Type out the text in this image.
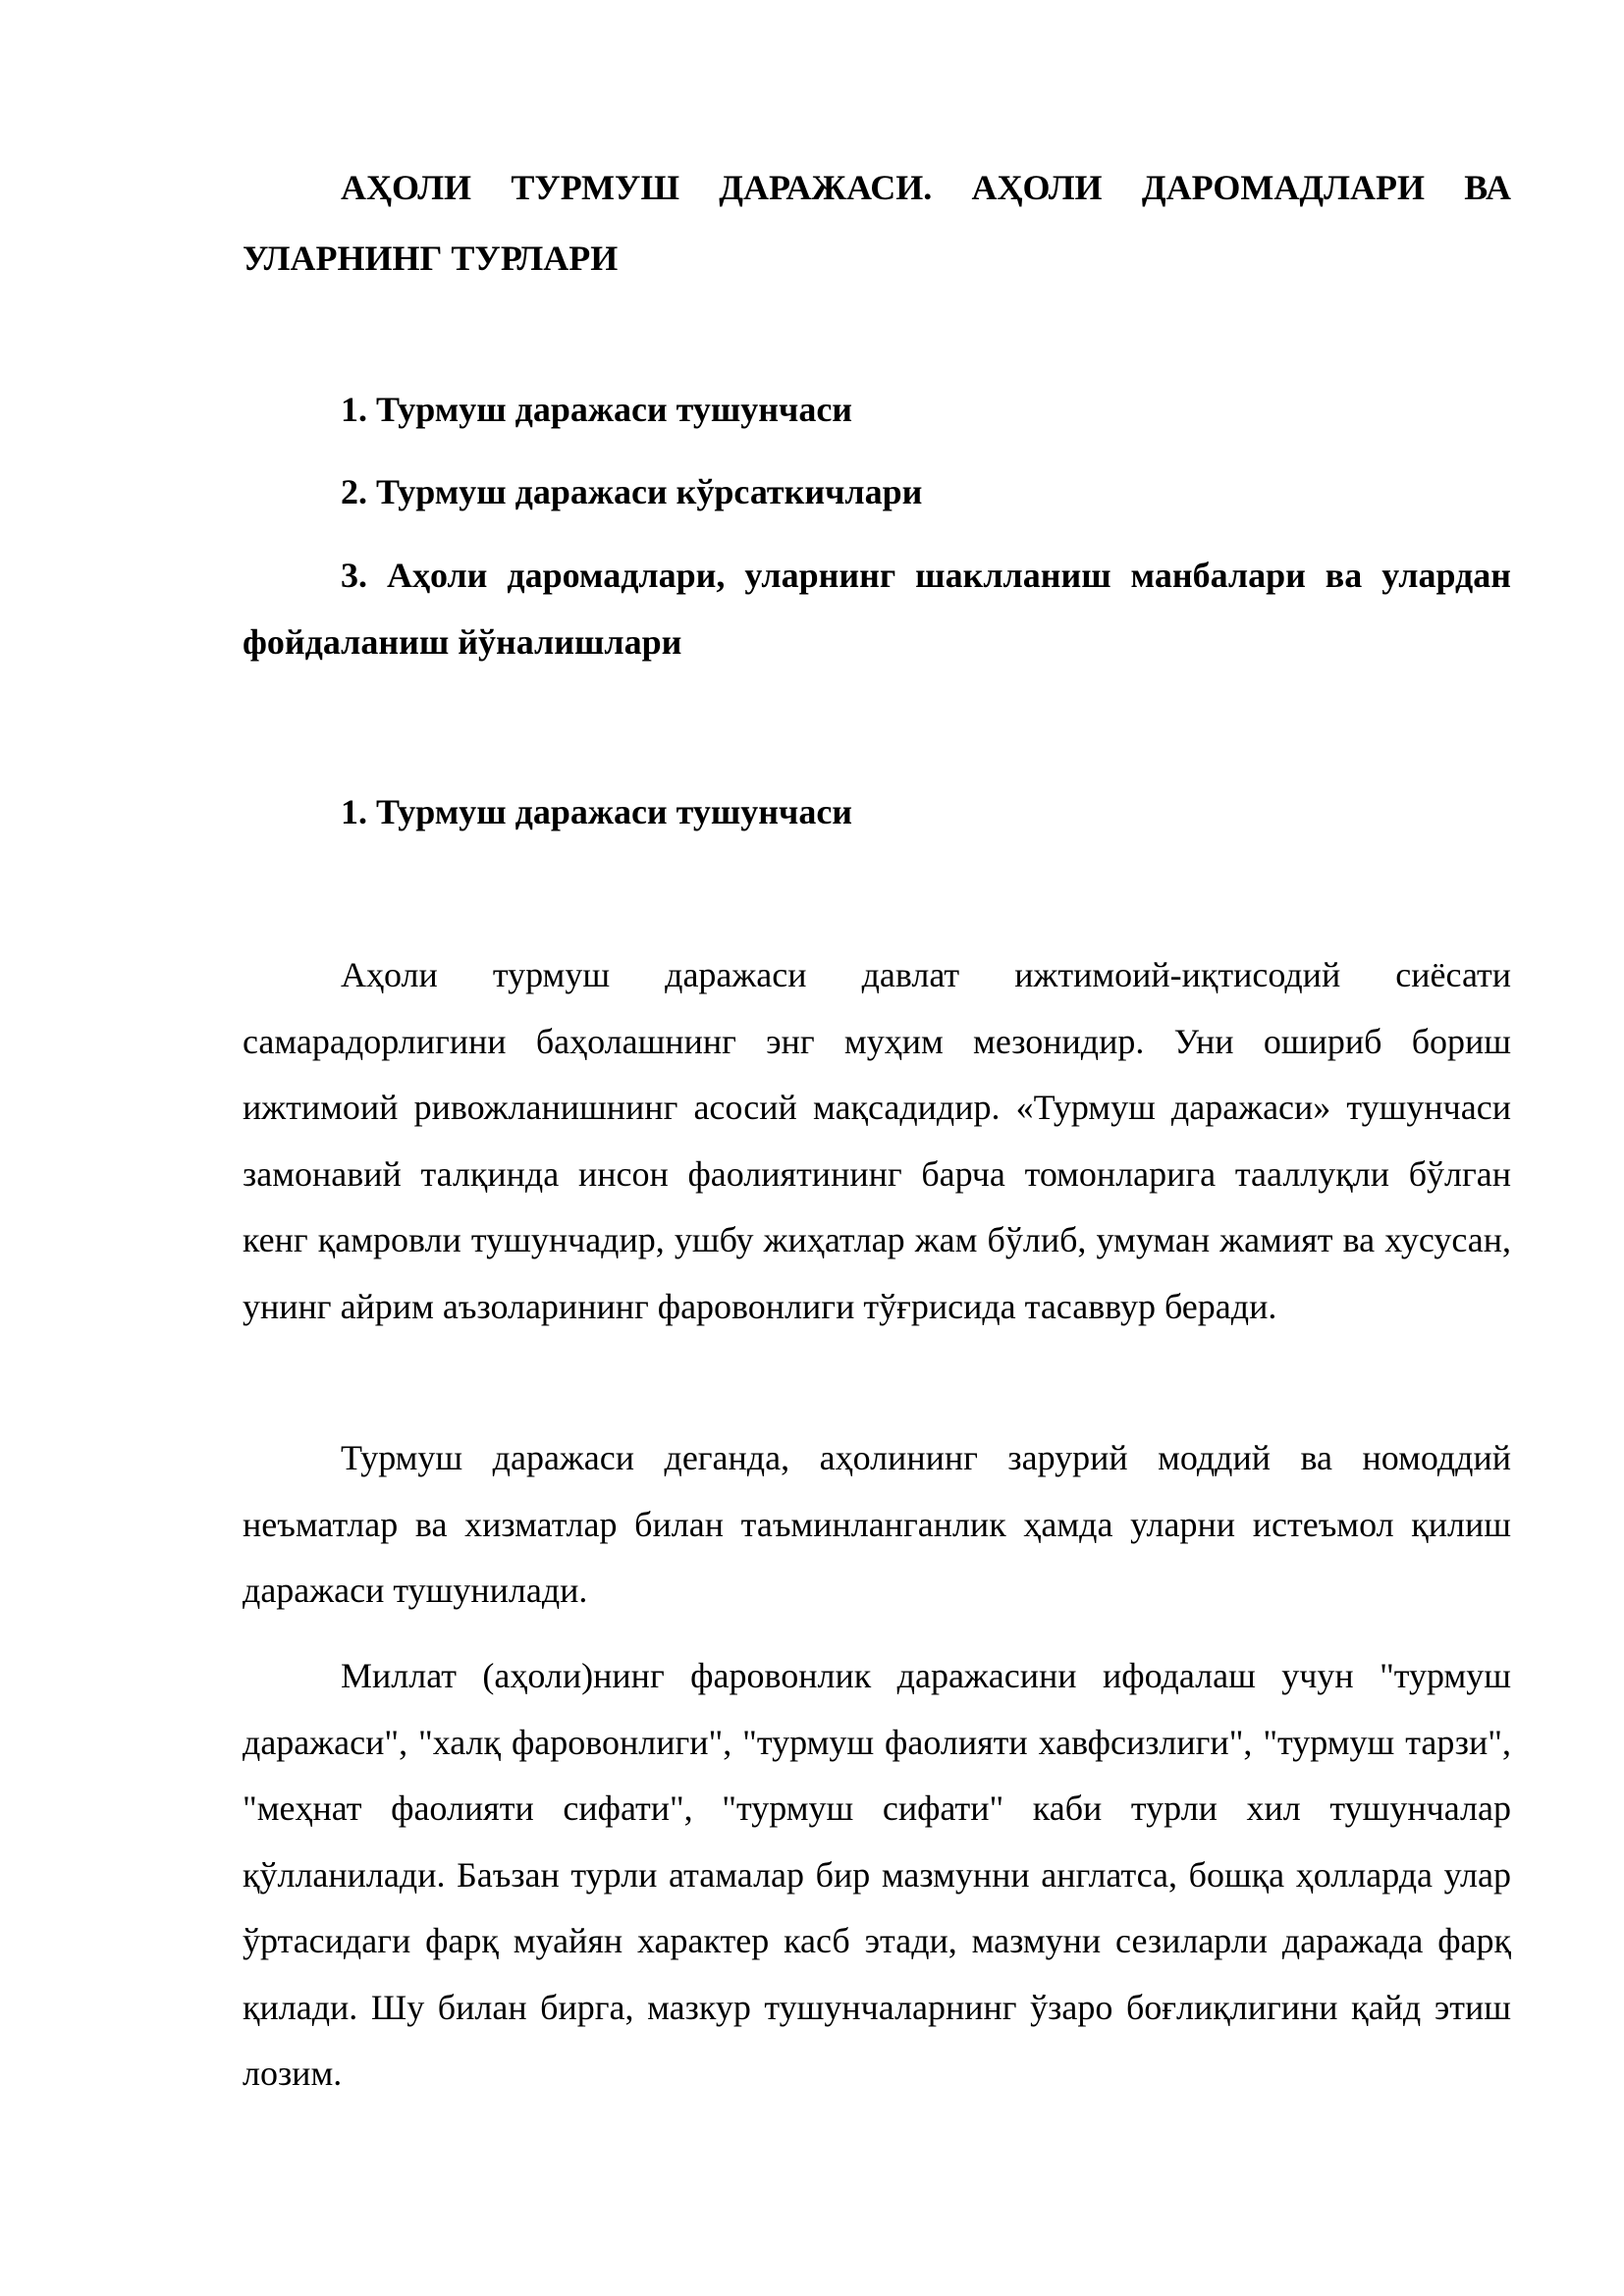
АҲОЛИ ТУРМУШ ДАРАЖАСИ. АҲОЛИ ДАРОМАДЛАРИ ВА УЛАРНИНГ ТУРЛАРИ
1. Турмуш даражаси тушунчаси
2. Турмуш даражаси кўрсаткичлари
3. Аҳоли даромадлари, уларнинг шаклланиш манбалари ва улардан фойдаланиш йўналишлари
1. Турмуш даражаси тушунчаси
Аҳоли турмуш даражаси давлат ижтимоий-иқтисодий сиёсати самарадорлигини баҳолашнинг энг муҳим мезонидир. Уни ошириб бориш ижтимоий ривожланишнинг асосий мақсадидир. «Турмуш даражаси» тушунчаси замонавий талқинда инсон фаолиятининг барча томонларига тааллуқли бўлган кенг қамровли тушунчадир, ушбу жиҳатлар жам бўлиб, умуман жамият ва хусусан, унинг айрим аъзоларининг фаровонлиги тўғрисида тасаввур беради.
Турмуш даражаси деганда, аҳолининг зарурий моддий ва номоддий неъматлар ва хизматлар билан таъминланганлик ҳамда уларни истеъмол қилиш даражаси тушунилади.
Миллат (аҳоли)нинг фаровонлик даражасини ифодалаш учун "турмуш даражаси", "халқ фаровонлиги", "турмуш фаолияти хавфсизлиги", "турмуш тарзи", "меҳнат фаолияти сифати", "турмуш сифати" каби турли хил тушунчалар қўлланилади. Баъзан турли атамалар бир мазмунни англатса, бошқа ҳолларда улар ўртасидаги фарқ муайян характер касб этади, мазмуни сезиларли даражада фарқ қилади. Шу билан бирга, мазкур тушунчаларнинг ўзаро боғлиқлигини қайд этиш лозим.
